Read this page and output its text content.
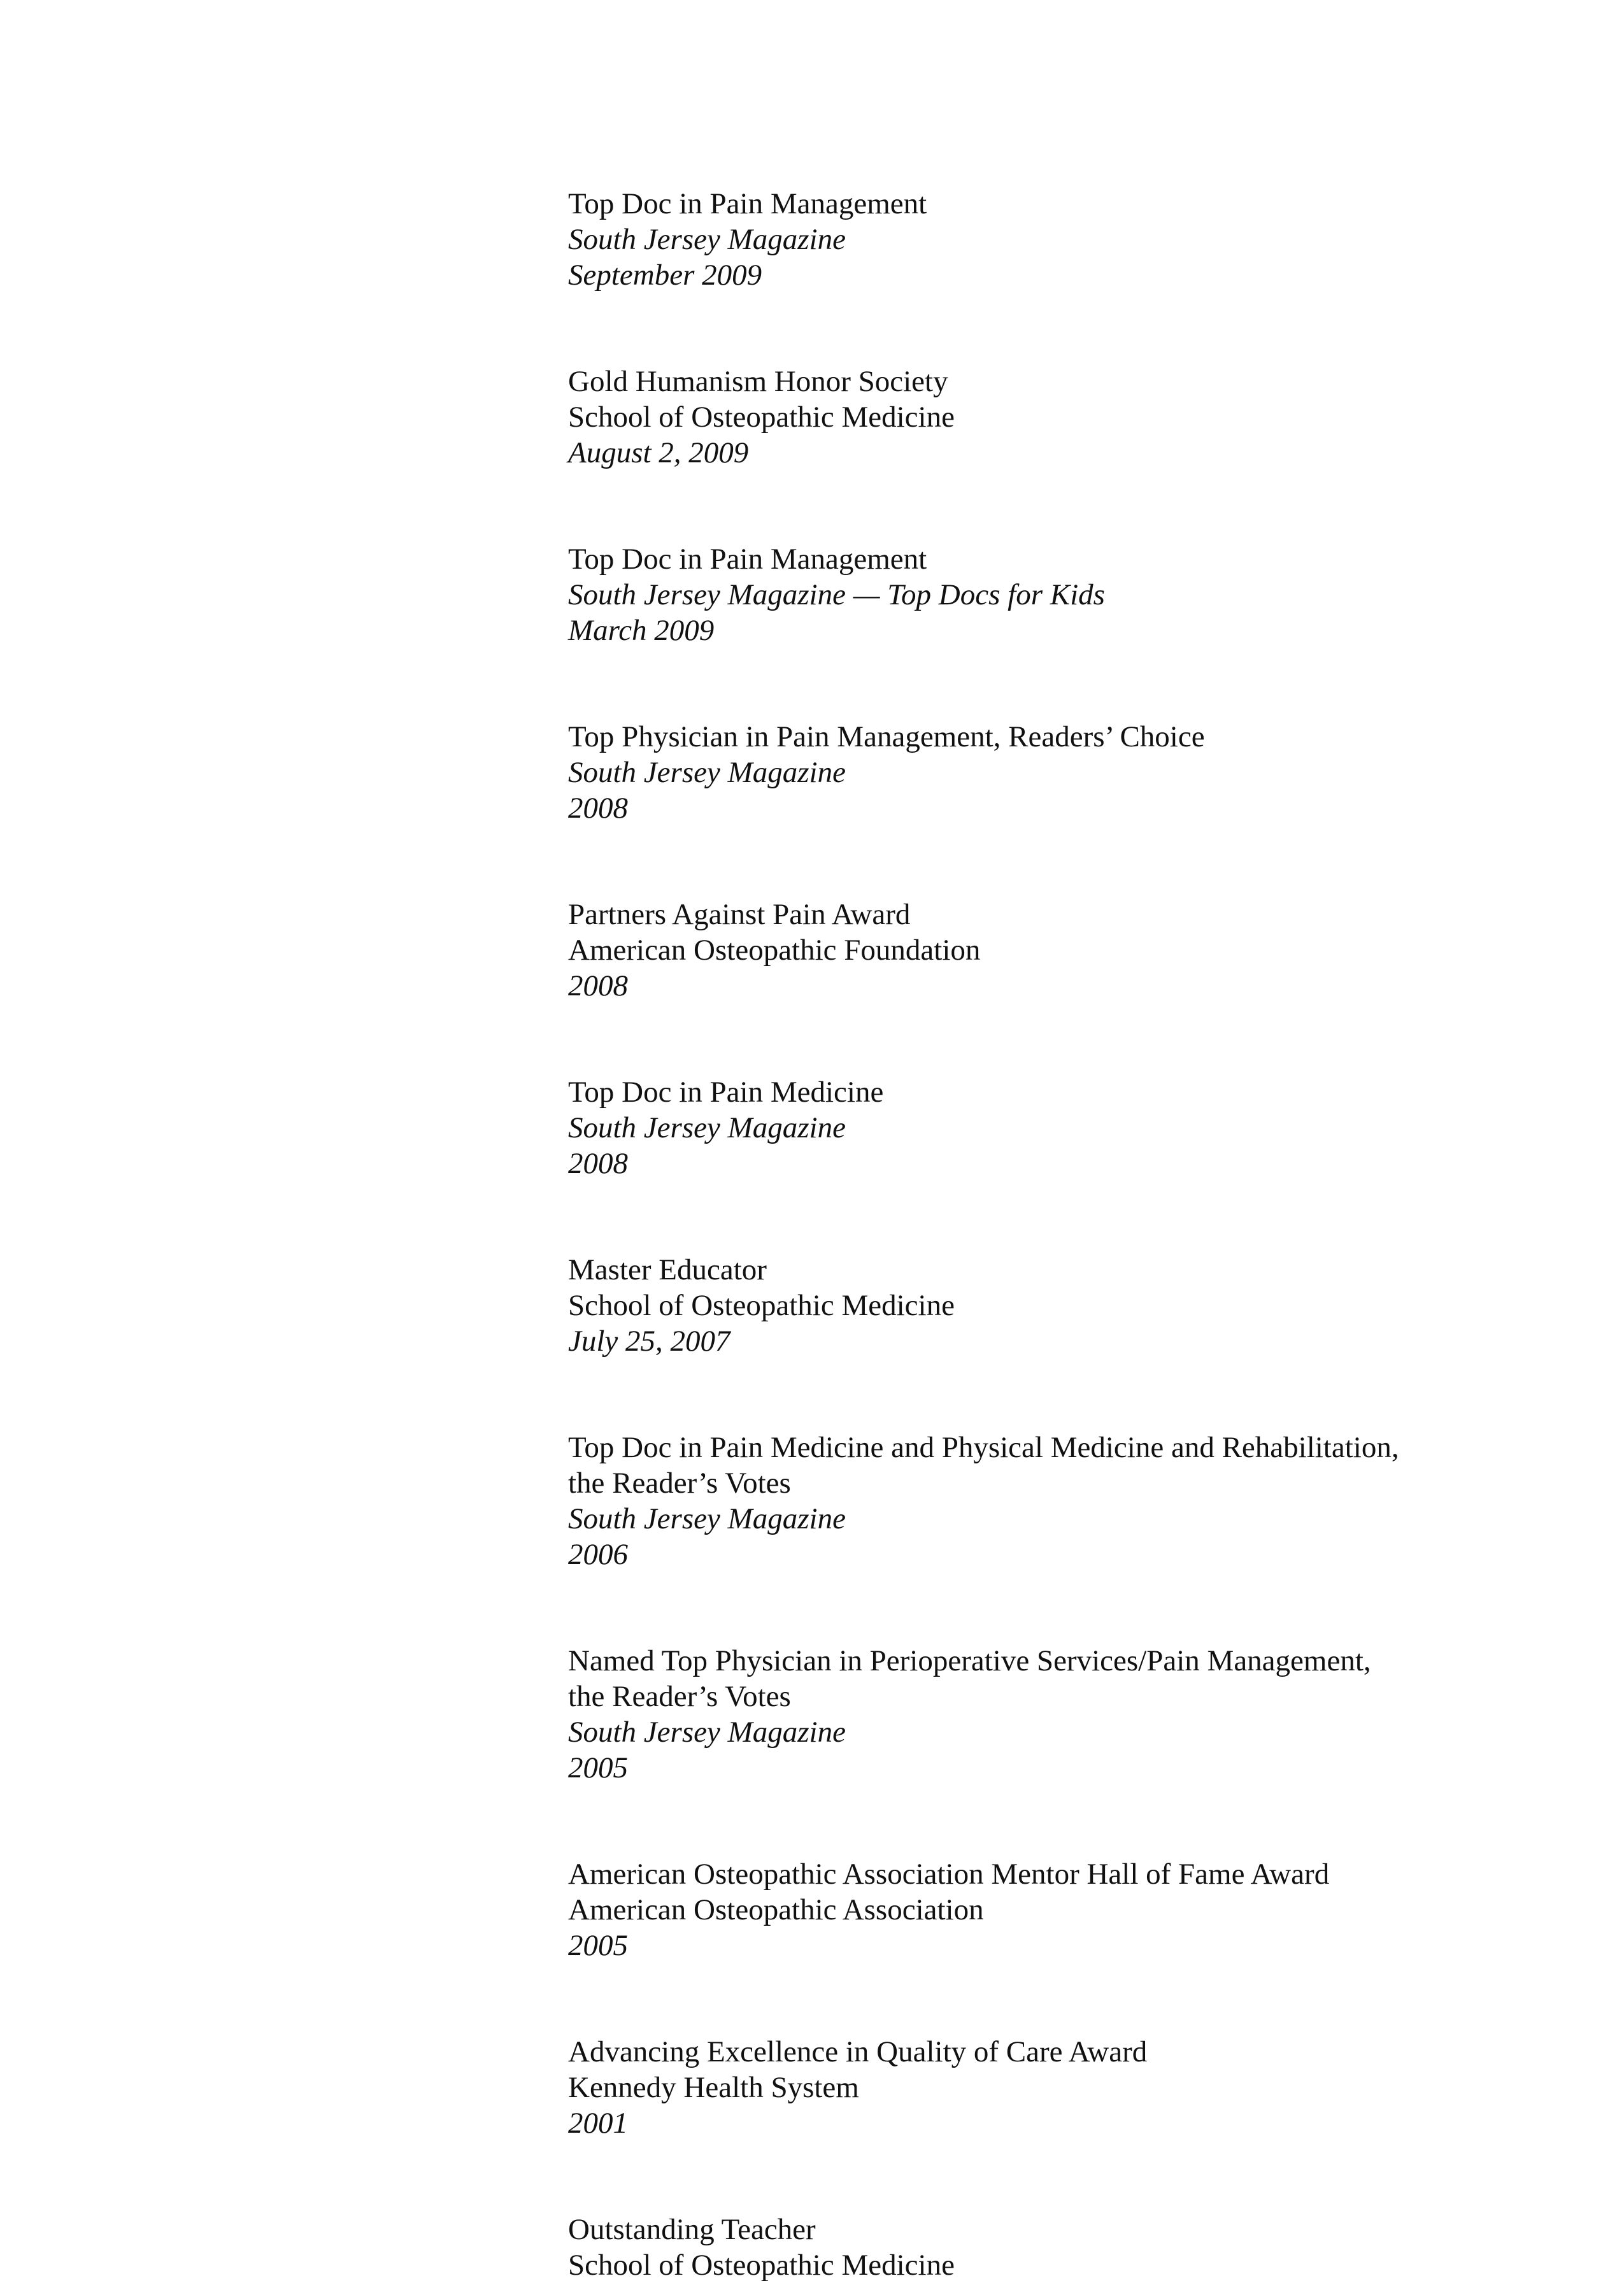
Top Doc in Pain Management
South Jersey Magazine
September 2009
Gold Humanism Honor Society
School of Osteopathic Medicine
August 2, 2009
Top Doc in Pain Management
South Jersey Magazine — Top Docs for Kids
March 2009
Top Physician in Pain Management, Readers’ Choice
South Jersey Magazine
2008
Partners Against Pain Award
American Osteopathic Foundation
2008
Top Doc in Pain Medicine
South Jersey Magazine
2008
Master Educator
School of Osteopathic Medicine
July 25, 2007
Top Doc in Pain Medicine and Physical Medicine and Rehabilitation,
the Reader’s Votes
South Jersey Magazine
2006
Named Top Physician in Perioperative Services/Pain Management,
the Reader’s Votes
South Jersey Magazine
2005
American Osteopathic Association Mentor Hall of Fame Award
American Osteopathic Association
2005
Advancing Excellence in Quality of Care Award
Kennedy Health System
2001
Outstanding Teacher
School of Osteopathic Medicine
